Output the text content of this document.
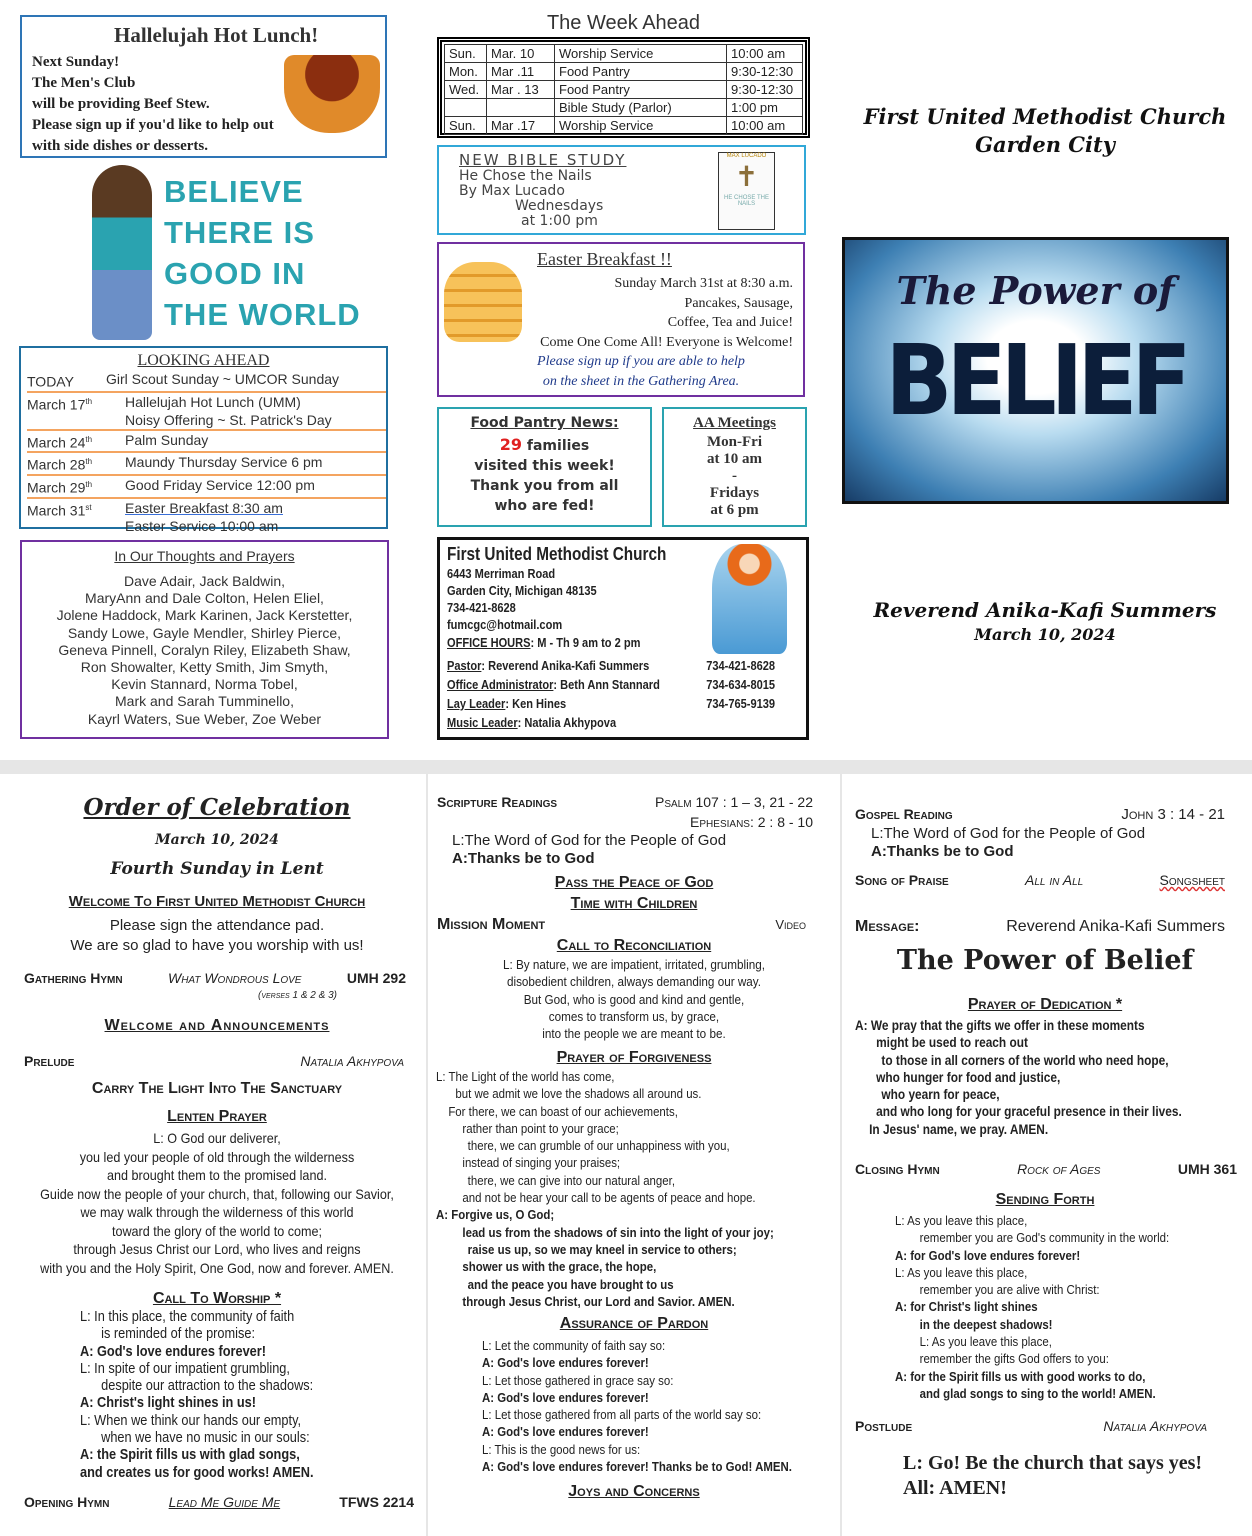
Hallelujah Hot Lunch!
Next Sunday!
The Men's Club
will be providing Beef Stew.
Please sign up if you'd like to help out
with side dishes or desserts.
BELIEVE
THERE IS
GOOD IN
THE WORLD
LOOKING AHEAD
TODAY	Girl Scout Sunday ~ UMCOR Sunday
March 17th	Hallelujah Hot Lunch (UMM)
Noisy Offering ~ St. Patrick's Day
March 24th	Palm Sunday
March 28th	Maundy Thursday Service 6 pm
March 29th	Good Friday Service 12:00 pm
March 31st	Easter Breakfast 8:30 am
Easter Service 10:00 am
In Our Thoughts and Prayers
Dave Adair, Jack Baldwin,
MaryAnn and Dale Colton, Helen Eliel,
Jolene Haddock, Mark Karinen, Jack Kerstetter,
Sandy Lowe, Gayle Mendler, Shirley Pierce,
Geneva Pinnell, Coralyn Riley, Elizabeth Shaw,
Ron Showalter, Ketty Smith, Jim Smyth,
Kevin Stannard, Norma Tobel,
Mark and Sarah Tumminello,
Kayrl Waters, Sue Weber, Zoe Weber
The Week Ahead
Sun.	Mar. 10	Worship Service	10:00 am
Mon.	Mar .11	Food Pantry	9:30-12:30
Wed.	Mar . 13	Food Pantry	9:30-12:30
		Bible Study (Parlor)	1:00 pm
Sun.	Mar .17	Worship Service	10:00 am
NEW BIBLE STUDY
He Chose the Nails
By Max Lucado
Wednesdays
at 1:00 pm
MAX LUCADO
✝
HE CHOSE THE NAILS
Easter Breakfast !!
Sunday March 31st at 8:30 a.m.
Pancakes, Sausage,
Coffee, Tea and Juice!
Come One Come All! Everyone is Welcome!
Please sign up if you are able to help
on the sheet in the Gathering Area.
Food Pantry News:
29 families
visited this week!
Thank you from all
who are fed!
AA Meetings
Mon-Fri
at 10 am
-
Fridays
at 6 pm
First United Methodist Church
6443 Merriman Road
Garden City, Michigan 48135
734-421-8628
fumcgc@hotmail.com
OFFICE HOURS: M - Th 9 am to 2 pm
Pastor: Reverend Anika-Kafi Summers	734-421-8628
Office Administrator: Beth Ann Stannard	734-634-8015
Lay Leader: Ken Hines	734-765-9139
Music Leader: Natalia Akhypova
First United Methodist Church
Garden City
The Power of
BELIEF
Reverend Anika-Kafi Summers
March 10, 2024
Order of Celebration
March 10, 2024
Fourth Sunday in Lent
Welcome To First United Methodist Church
Please sign the attendance pad.
We are so glad to have you worship with us!
Gathering Hymn	What Wondrous Love	UMH 292
(verses 1 & 2 & 3)
Welcome and Announcements
Prelude	Natalia Akhypova
Carry The Light Into The Sanctuary
Lenten Prayer
L: O God our deliverer,
you led your people of old through the wilderness
and brought them to the promised land.
Guide now the people of your church, that, following our Savior,
we may walk through the wilderness of this world
toward the glory of the world to come;
through Jesus Christ our Lord, who lives and reigns
with you and the Holy Spirit, One God, now and forever. AMEN.
Call To Worship *
L: In this place, the community of faith
is reminded of the promise:
A: God's love endures forever!
L: In spite of our impatient grumbling,
despite our attraction to the shadows:
A: Christ's light shines in us!
L: When we think our hands our empty,
when we have no music in our souls:
A: the Spirit fills us with glad songs,
and creates us for good works! AMEN.
Opening Hymn	Lead Me Guide Me	TFWS 2214
Scripture Readings	Psalm 107 : 1 – 3, 21 - 22
Ephesians: 2 : 8 - 10
L:The Word of God for the People of God
A:Thanks be to God
Pass the Peace of God
Time with Children
Mission Moment	Video
Call to Reconciliation
L: By nature, we are impatient, irritated, grumbling,
disobedient children, always demanding our way.
But God, who is good and kind and gentle,
comes to transform us, by grace,
into the people we are meant to be.
Prayer of Forgiveness
L: The Light of the world has come,
but we admit we love the shadows all around us.
For there, we can boast of our achievements,
rather than point to your grace;
there, we can grumble of our unhappiness with you,
instead of singing your praises;
there, we can give into our natural anger,
and not be hear your call to be agents of peace and hope.
A: Forgive us, O God;
lead us from the shadows of sin into the light of your joy;
raise us up, so we may kneel in service to others;
shower us with the grace, the hope,
and the peace you have brought to us
through Jesus Christ, our Lord and Savior. AMEN.
Assurance of Pardon
L: Let the community of faith say so:
A: God's love endures forever!
L: Let those gathered in grace say so:
A: God's love endures forever!
L: Let those gathered from all parts of the world say so:
A: God's love endures forever!
L: This is the good news for us:
A: God's love endures forever! Thanks be to God! AMEN.
Joys and Concerns
Gospel Reading	John 3 : 14 - 21
L:The Word of God for the People of God
A:Thanks be to God
Song of Praise	All in All	Songsheet
Message:	Reverend Anika-Kafi Summers
The Power of Belief
Prayer of Dedication *
A: We pray that the gifts we offer in these moments
might be used to reach out
to those in all corners of the world who need hope,
who hunger for food and justice,
who yearn for peace,
and who long for your graceful presence in their lives.
In Jesus' name, we pray. AMEN.
Closing Hymn	Rock of Ages	UMH 361
Sending Forth
L: As you leave this place,
remember you are God's community in the world:
A: for God's love endures forever!
L: As you leave this place,
remember you are alive with Christ:
A: for Christ's light shines
in the deepest shadows!
L: As you leave this place,
remember the gifts God offers to you:
A: for the Spirit fills us with good works to do,
and glad songs to sing to the world! AMEN.
Postlude	Natalia Akhypova
L: Go! Be the church that says yes!
All: AMEN!
